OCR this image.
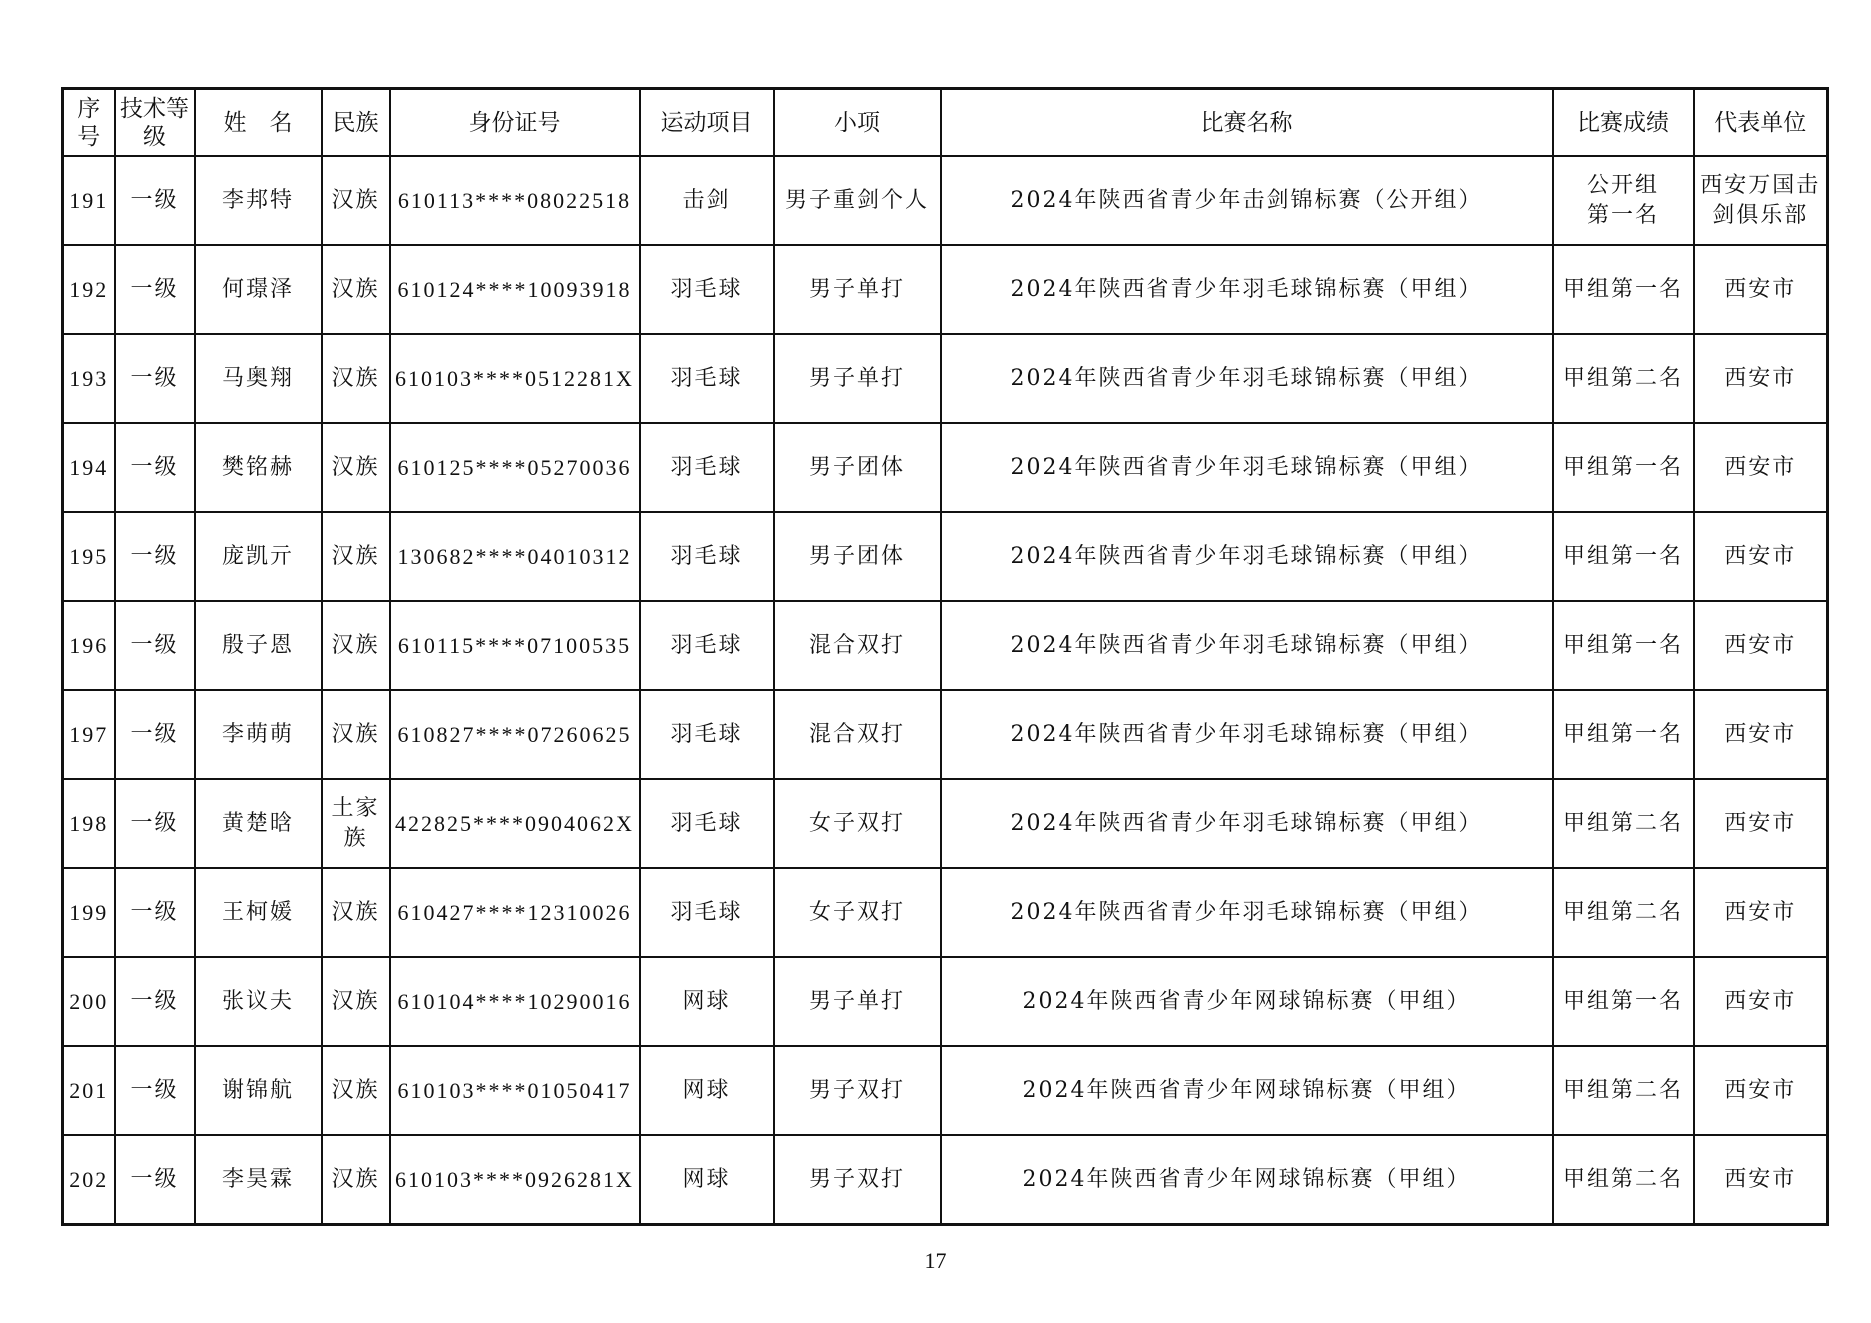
序号	技术等级	姓　名	民族	身份证号	运动项目	小项	比赛名称	比赛成绩	代表单位
191	一级	李邦特	汉族	610113****08022518	击剑	男子重剑个人	2024年陕西省青少年击剑锦标赛（公开组）	公开组第一名	西安万国击剑俱乐部
192	一级	何璟泽	汉族	610124****10093918	羽毛球	男子单打	2024年陕西省青少年羽毛球锦标赛（甲组）	甲组第一名	西安市
193	一级	马奥翔	汉族	610103****0512281X	羽毛球	男子单打	2024年陕西省青少年羽毛球锦标赛（甲组）	甲组第二名	西安市
194	一级	樊铭赫	汉族	610125****05270036	羽毛球	男子团体	2024年陕西省青少年羽毛球锦标赛（甲组）	甲组第一名	西安市
195	一级	庞凯亓	汉族	130682****04010312	羽毛球	男子团体	2024年陕西省青少年羽毛球锦标赛（甲组）	甲组第一名	西安市
196	一级	殷子恩	汉族	610115****07100535	羽毛球	混合双打	2024年陕西省青少年羽毛球锦标赛（甲组）	甲组第一名	西安市
197	一级	李萌萌	汉族	610827****07260625	羽毛球	混合双打	2024年陕西省青少年羽毛球锦标赛（甲组）	甲组第一名	西安市
198	一级	黄楚晗	土家族	422825****0904062X	羽毛球	女子双打	2024年陕西省青少年羽毛球锦标赛（甲组）	甲组第二名	西安市
199	一级	王柯媛	汉族	610427****12310026	羽毛球	女子双打	2024年陕西省青少年羽毛球锦标赛（甲组）	甲组第二名	西安市
200	一级	张议夫	汉族	610104****10290016	网球	男子单打	2024年陕西省青少年网球锦标赛（甲组）	甲组第一名	西安市
201	一级	谢锦航	汉族	610103****01050417	网球	男子双打	2024年陕西省青少年网球锦标赛（甲组）	甲组第二名	西安市
202	一级	李昊霖	汉族	610103****0926281X	网球	男子双打	2024年陕西省青少年网球锦标赛（甲组）	甲组第二名	西安市
17
